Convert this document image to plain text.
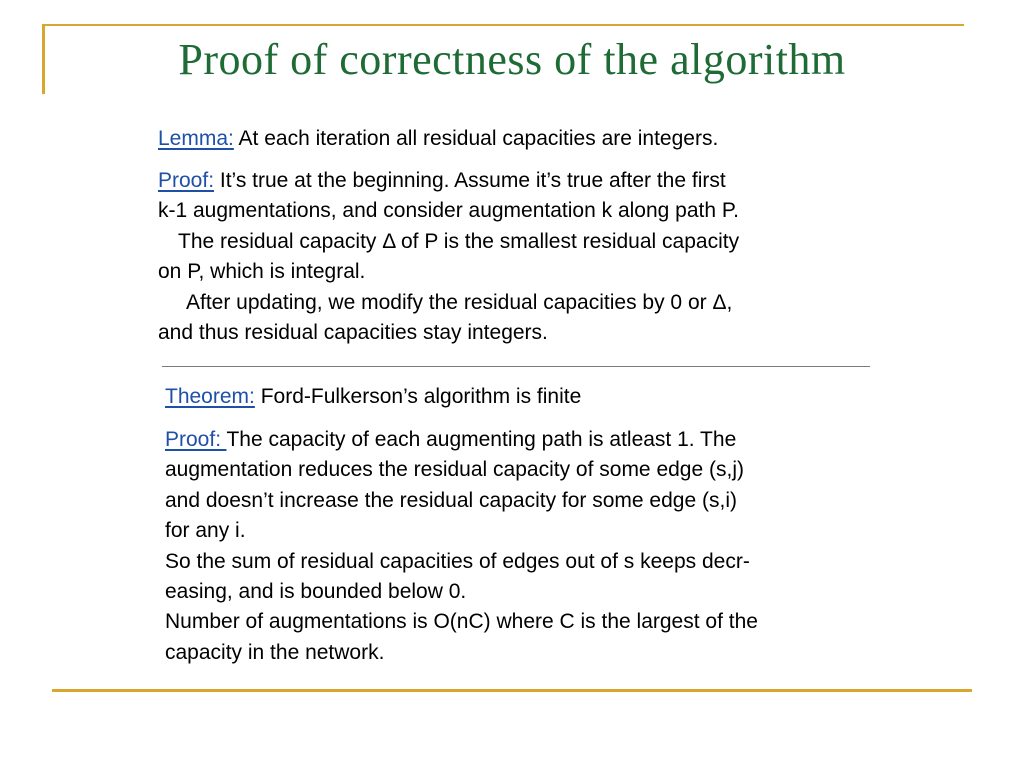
Proof of correctness of the algorithm
Lemma: At each iteration all residual capacities are integers.
Proof: It’s true at the beginning. Assume it’s true after the first
k-1 augmentations, and consider augmentation k along path P.
The residual capacity Δ of P is the smallest residual capacity
on P, which is integral.
After updating, we modify the residual capacities by 0 or Δ,
and thus residual capacities stay integers.
Theorem: Ford-Fulkerson’s algorithm is finite
Proof: The capacity of each augmenting path is atleast 1. The
augmentation reduces the residual capacity of some edge (s,j)
and doesn’t increase the residual capacity for some edge (s,i)
for any i.
So the sum of residual capacities of edges out of s keeps decr-
easing, and is bounded below 0.
Number of augmentations is O(nC) where C is the largest of the
capacity in the network.
